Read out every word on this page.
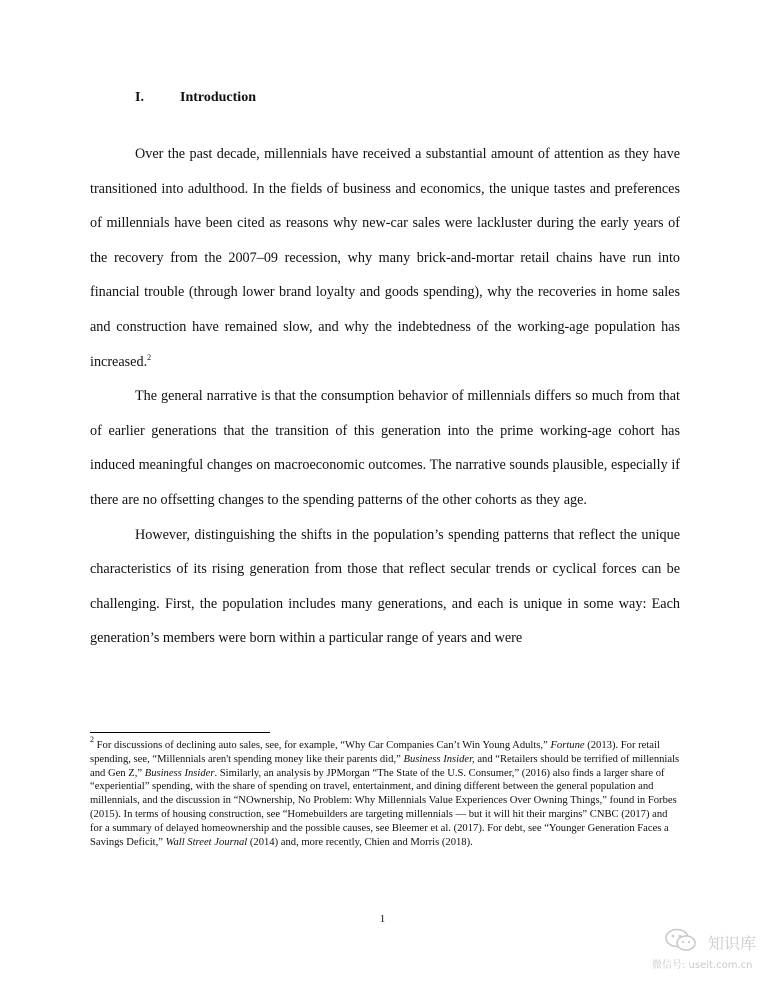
I.	Introduction

Over the past decade, millennials have received a substantial amount of attention as they have transitioned into adulthood. In the fields of business and economics, the unique tastes and preferences of millennials have been cited as reasons why new-car sales were lackluster during the early years of the recovery from the 2007–09 recession, why many brick-and-mortar retail chains have run into financial trouble (through lower brand loyalty and goods spending), why the recoveries in home sales and construction have remained slow, and why the indebtedness of the working-age population has increased.$^2$

The general narrative is that the consumption behavior of millennials differs so much from that of earlier generations that the transition of this generation into the prime working-age cohort has induced meaningful changes on macroeconomic outcomes. The narrative sounds plausible, especially if there are no offsetting changes to the spending patterns of the other cohorts as they age.

However, distinguishing the shifts in the population’s spending patterns that reflect the unique characteristics of its rising generation from those that reflect secular trends or cyclical forces can be challenging. First, the population includes many generations, and each is unique in some way: Each generation’s members were born within a particular range of years and were

$^2$ For discussions of declining auto sales, see, for example, “Why Car Companies Can’t Win Young Adults,” Fortune (2013). For retail spending, see, “Millennials aren't spending money like their parents did,” Business Insider, and “Retailers should be terrified of millennials and Gen Z,” Business Insider. Similarly, an analysis by JPMorgan “The State of the U.S. Consumer,” (2016) also finds a larger share of “experiential” spending, with the share of spending on travel, entertainment, and dining different between the general population and millennials, and the discussion in “NOwnership, No Problem: Why Millennials Value Experiences Over Owning Things,” found in Forbes (2015). In terms of housing construction, see “Homebuilders are targeting millennials — but it will hit their margins” CNBC (2017) and for a summary of delayed homeownership and the possible causes, see Bleemer et al. (2017). For debt, see “Younger Generation Faces a Savings Deficit,” Wall Street Journal (2014) and, more recently, Chien and Morris (2018).
1
知识库
微信号: useit.com.cn
